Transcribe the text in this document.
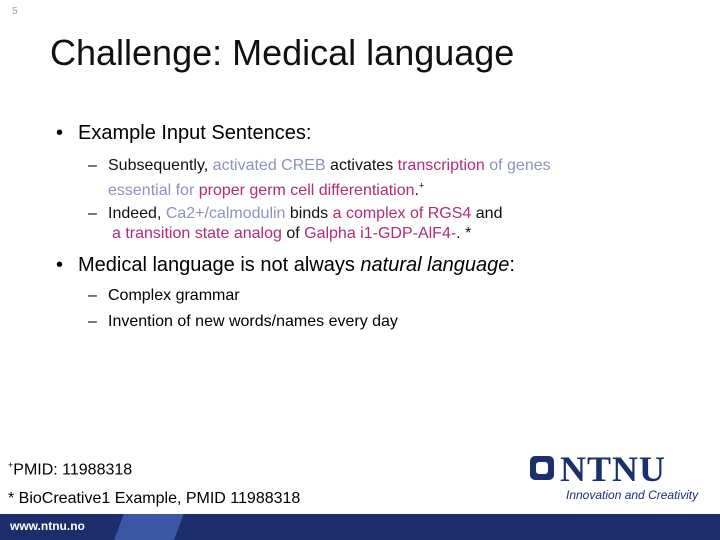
5
Challenge: Medical language
• Example Input Sentences:
– Subsequently, activated CREB activates transcription of genes
essential for proper germ cell differentiation.+
– Indeed, Ca2+/calmodulin binds a complex of RGS4 and
a transition state analog of Galpha i1-GDP-AlF4-. *
• Medical language is not always natural language:
– Complex grammar
– Invention of new words/names every day
+PMID: 11988318
* BioCreative1 Example, PMID 11988318
NTNU
Innovation and Creativity
www.ntnu.no
